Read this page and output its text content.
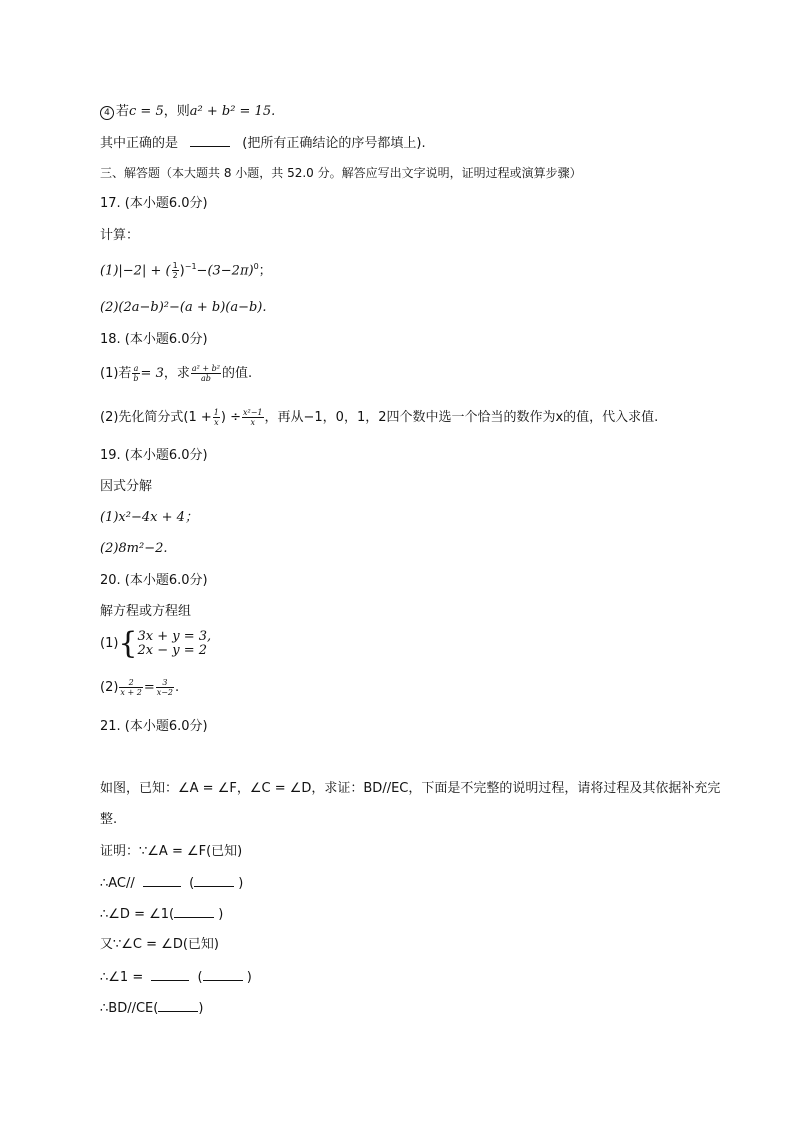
4 若c = 5，则a² + b² = 15.
其中正确的是	(把所有正确结论的序号都填上).
三、解答题（本大题共 8 小题，共 52.0 分。解答应写出文字说明，证明过程或演算步骤）
17. (本小题6.0分)
计算：
(1)|−2| + ( $\frac{1}{2} )^{-1}-(3-2\pi)^0$；
(2)(2a−b)²−(a + b)(a−b).
18. (本小题6.0分)
(1)若 $\frac{a}{b} = 3$，求 $\frac{\text{a² + b²}}{ab}$ 的值.
(2)先化简分式($1 + \frac{1}{x}$ ) ÷ $\frac{\text{x²−1}}{x}$ ，再从−1，0，1，2四个数中选一个恰当的数作为x的值，代入求值.
19. (本小题6.0分)
因式分解
(1)x²−4x + 4；
(2)8m²−2.
20. (本小题6.0分)
解方程或方程组
(1){ 3x + y = 3,
2x − y = 2
$(2) \frac{2}{x + 2} = \frac{3}{x-2}$ .
21. (本小题6.0分)
如图，已知：∠A = ∠F，∠C = ∠D，求证：BD//EC，下面是不完整的说明过程，请将过程及其依据补充完
整.
证明：∵∠A = ∠F(已知)
∴AC//	(	)
∴∠D = ∠1(	)
又∵∠C = ∠D(已知)
∴∠1 =	(	)
∴BD//CE(	)
